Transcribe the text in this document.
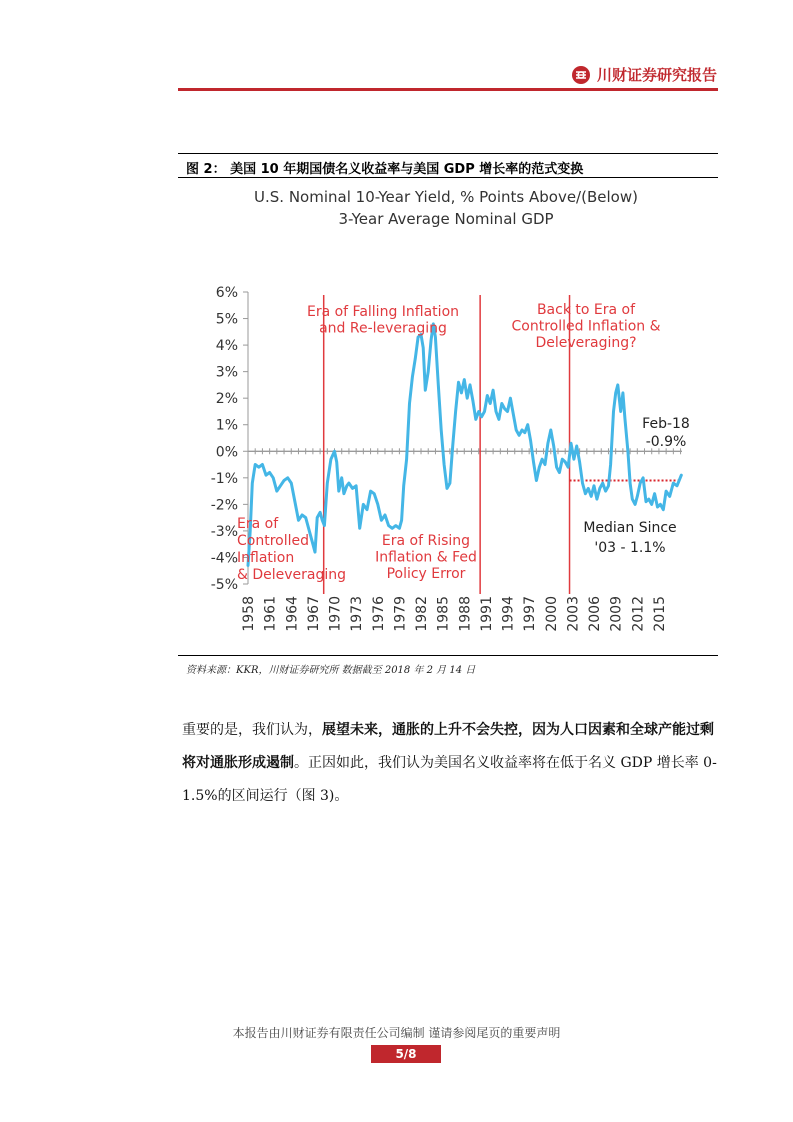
川财证券研究报告
图 2： 美国 10 年期国债名义收益率与美国 GDP 增长率的范式变换
U.S. Nominal 10-Year Yield, % Points Above/(Below)
3-Year Average Nominal GDP
6%
5%
4%
3%
2%
1%
0%
-1%
-2%
-3%
-4%
-5%
1958 1961 1964 1967 1970 1973 1976 1979 1982 1985 1988 1991 1994 1997 2000 2003 2006 2009 2012 2015
Era of Falling Inflation
and Re-leveraging
Back to Era of
Controlled Inflation &
Deleveraging?
Era of
Controlled
Inflation
& Deleveraging
Era of Rising
Inflation & Fed
Policy Error
Feb-18
-0.9%
Median Since
'03 - 1.1%
资料来源：KKR，川财证券研究所 数据截至 2018 年 2 月 14 日
重要的是，我们认为，展望未来，通胀的上升不会失控，因为人口因素和全球产能过剩将对通胀形成遏制。正因如此，我们认为美国名义收益率将在低于名义 GDP 增长率 0-1.5%的区间运行（图 3)。
本报告由川财证券有限责任公司编制 谨请参阅尾页的重要声明
5/8
